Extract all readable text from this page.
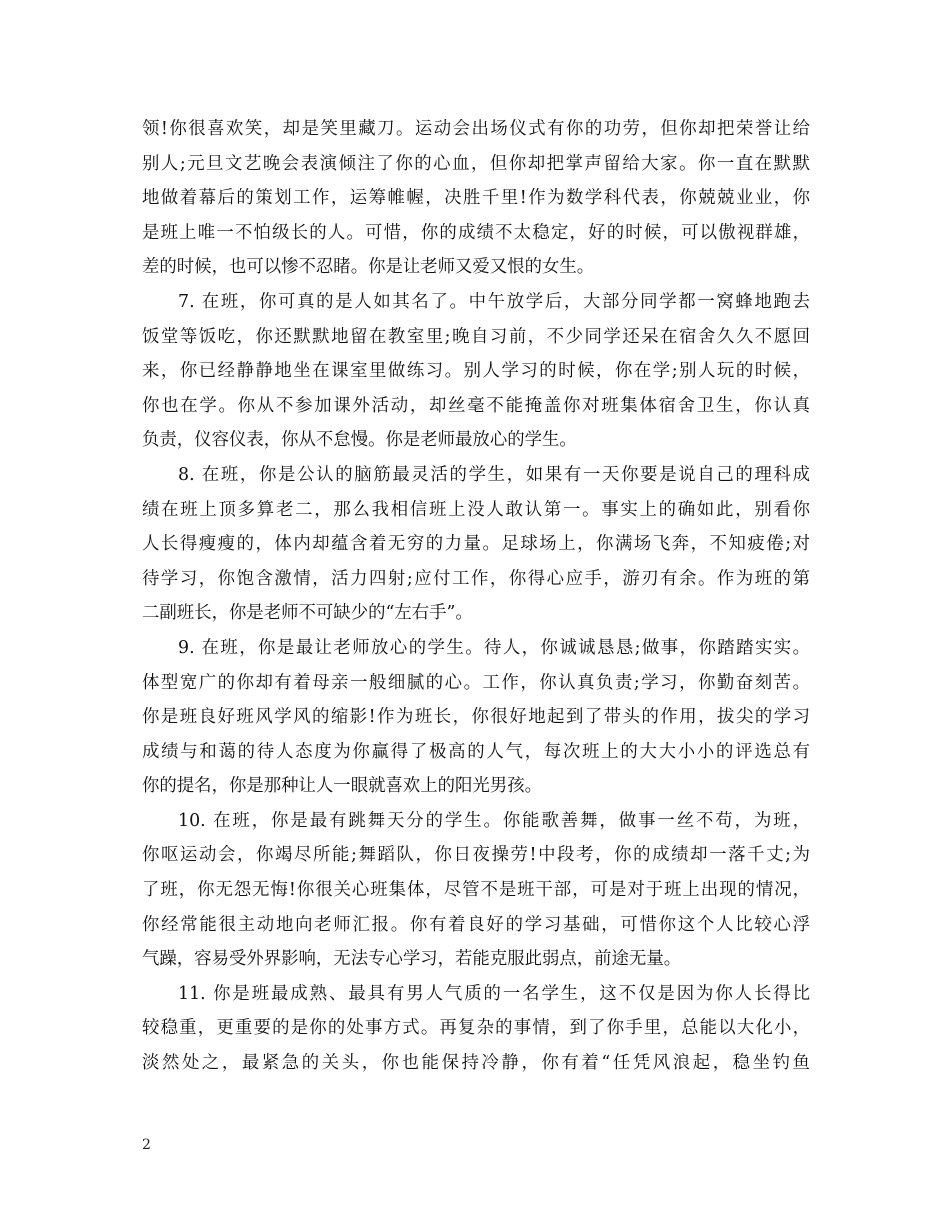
领!你很喜欢笑，却是笑里藏刀。运动会出场仪式有你的功劳，但你却把荣誉让给
别人;元旦文艺晚会表演倾注了你的心血，但你却把掌声留给大家。你一直在默默
地做着幕后的策划工作，运筹帷幄，决胜千里!作为数学科代表，你兢兢业业，你
是班上唯一不怕级长的人。可惜，你的成绩不太稳定，好的时候，可以傲视群雄，
差的时候，也可以惨不忍睹。你是让老师又爱又恨的女生。
7. 在班，你可真的是人如其名了。中午放学后，大部分同学都一窝蜂地跑去
饭堂等饭吃，你还默默地留在教室里;晚自习前，不少同学还呆在宿舍久久不愿回
来，你已经静静地坐在课室里做练习。别人学习的时候，你在学;别人玩的时候，
你也在学。你从不参加课外活动，却丝毫不能掩盖你对班集体宿舍卫生，你认真
负责，仪容仪表，你从不怠慢。你是老师最放心的学生。
8. 在班，你是公认的脑筋最灵活的学生，如果有一天你要是说自己的理科成
绩在班上顶多算老二，那么我相信班上没人敢认第一。事实上的确如此，别看你
人长得瘦瘦的，体内却蕴含着无穷的力量。足球场上，你满场飞奔，不知疲倦;对
待学习，你饱含激情，活力四射;应付工作，你得心应手，游刃有余。作为班的第
二副班长，你是老师不可缺少的“左右手”。
9. 在班，你是最让老师放心的学生。待人，你诚诚恳恳;做事，你踏踏实实。
体型宽广的你却有着母亲一般细腻的心。工作，你认真负责;学习，你勤奋刻苦。
你是班良好班风学风的缩影!作为班长，你很好地起到了带头的作用，拔尖的学习
成绩与和蔼的待人态度为你赢得了极高的人气，每次班上的大大小小的评选总有
你的提名，你是那种让人一眼就喜欢上的阳光男孩。
10. 在班，你是最有跳舞天分的学生。你能歌善舞，做事一丝不苟，为班，
你呕运动会，你竭尽所能;舞蹈队，你日夜操劳!中段考，你的成绩却一落千丈;为
了班，你无怨无悔!你很关心班集体，尽管不是班干部，可是对于班上出现的情况，
你经常能很主动地向老师汇报。你有着良好的学习基础，可惜你这个人比较心浮
气躁，容易受外界影响，无法专心学习，若能克服此弱点，前途无量。
11. 你是班最成熟、最具有男人气质的一名学生，这不仅是因为你人长得比
较稳重，更重要的是你的处事方式。再复杂的事情，到了你手里，总能以大化小，
淡然处之，最紧急的关头，你也能保持冷静，你有着“任凭风浪起，稳坐钓鱼
2
